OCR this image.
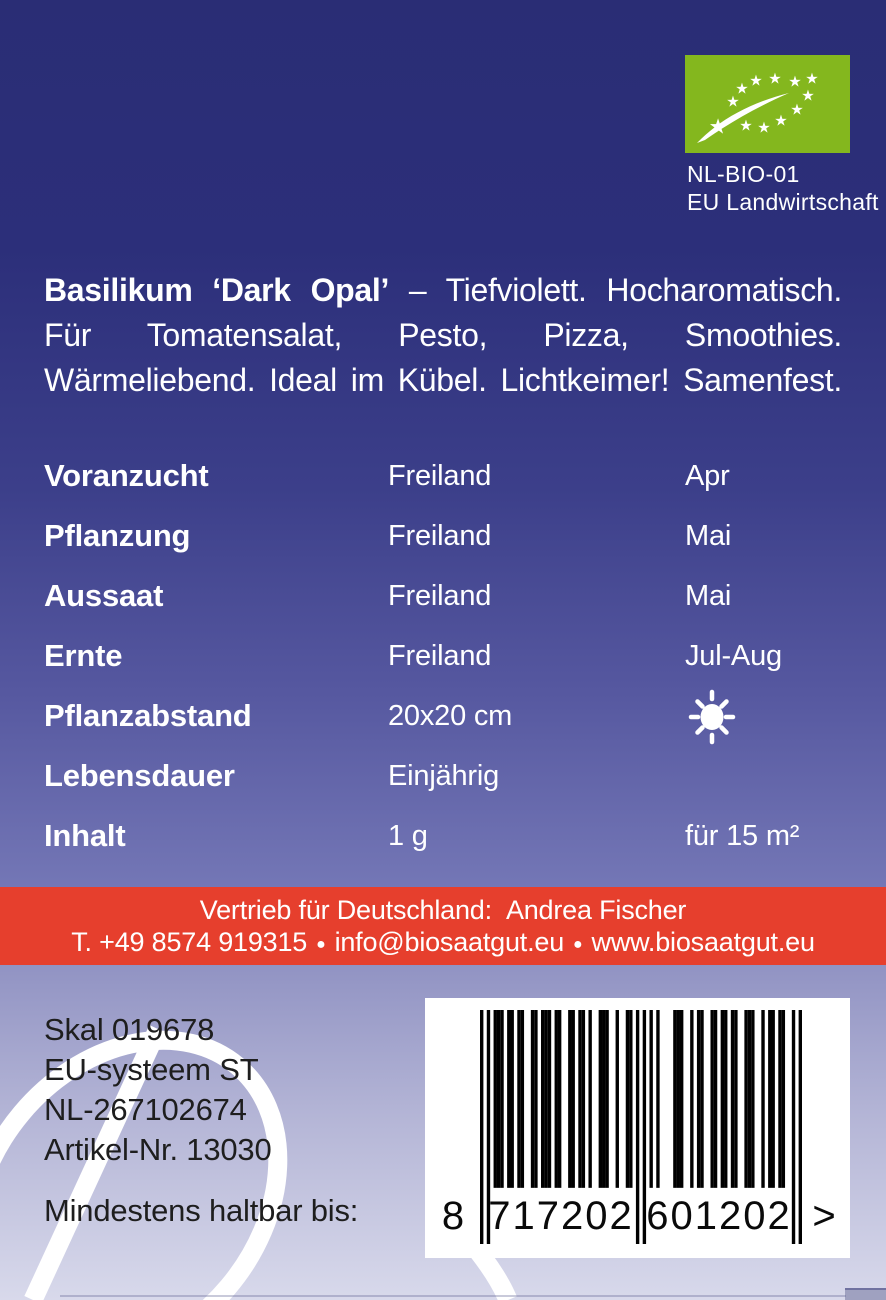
★
★
★ ★ ★ ★ ★
★
★
★
★
★
NL-BIO-01
EU Landwirtschaft
Basilikum ‘Dark Opal’ – Tiefviolett. Hocharomatisch.
Für Tomatensalat, Pesto, Pizza, Smoothies.
Wärmeliebend. Ideal im Kübel. Lichtkeimer! Samenfest.
Voranzucht	Freiland	Apr
Pflanzung	Freiland	Mai
Aussaat	Freiland	Mai
Ernte	Freiland	Jul-Aug
Pflanzabstand	20x20 cm
Lebensdauer	Einjährig
Inhalt	1 g	für 15 m²
Vertrieb für Deutschland: Andrea Fischer
T. +49 8574 919315 ● info@biosaatgut.eu ● www.biosaatgut.eu
Skal 019678
EU-systeem ST
NL-267102674
Artikel-Nr. 13030
Mindestens haltbar bis: 8 717202 601202 >
